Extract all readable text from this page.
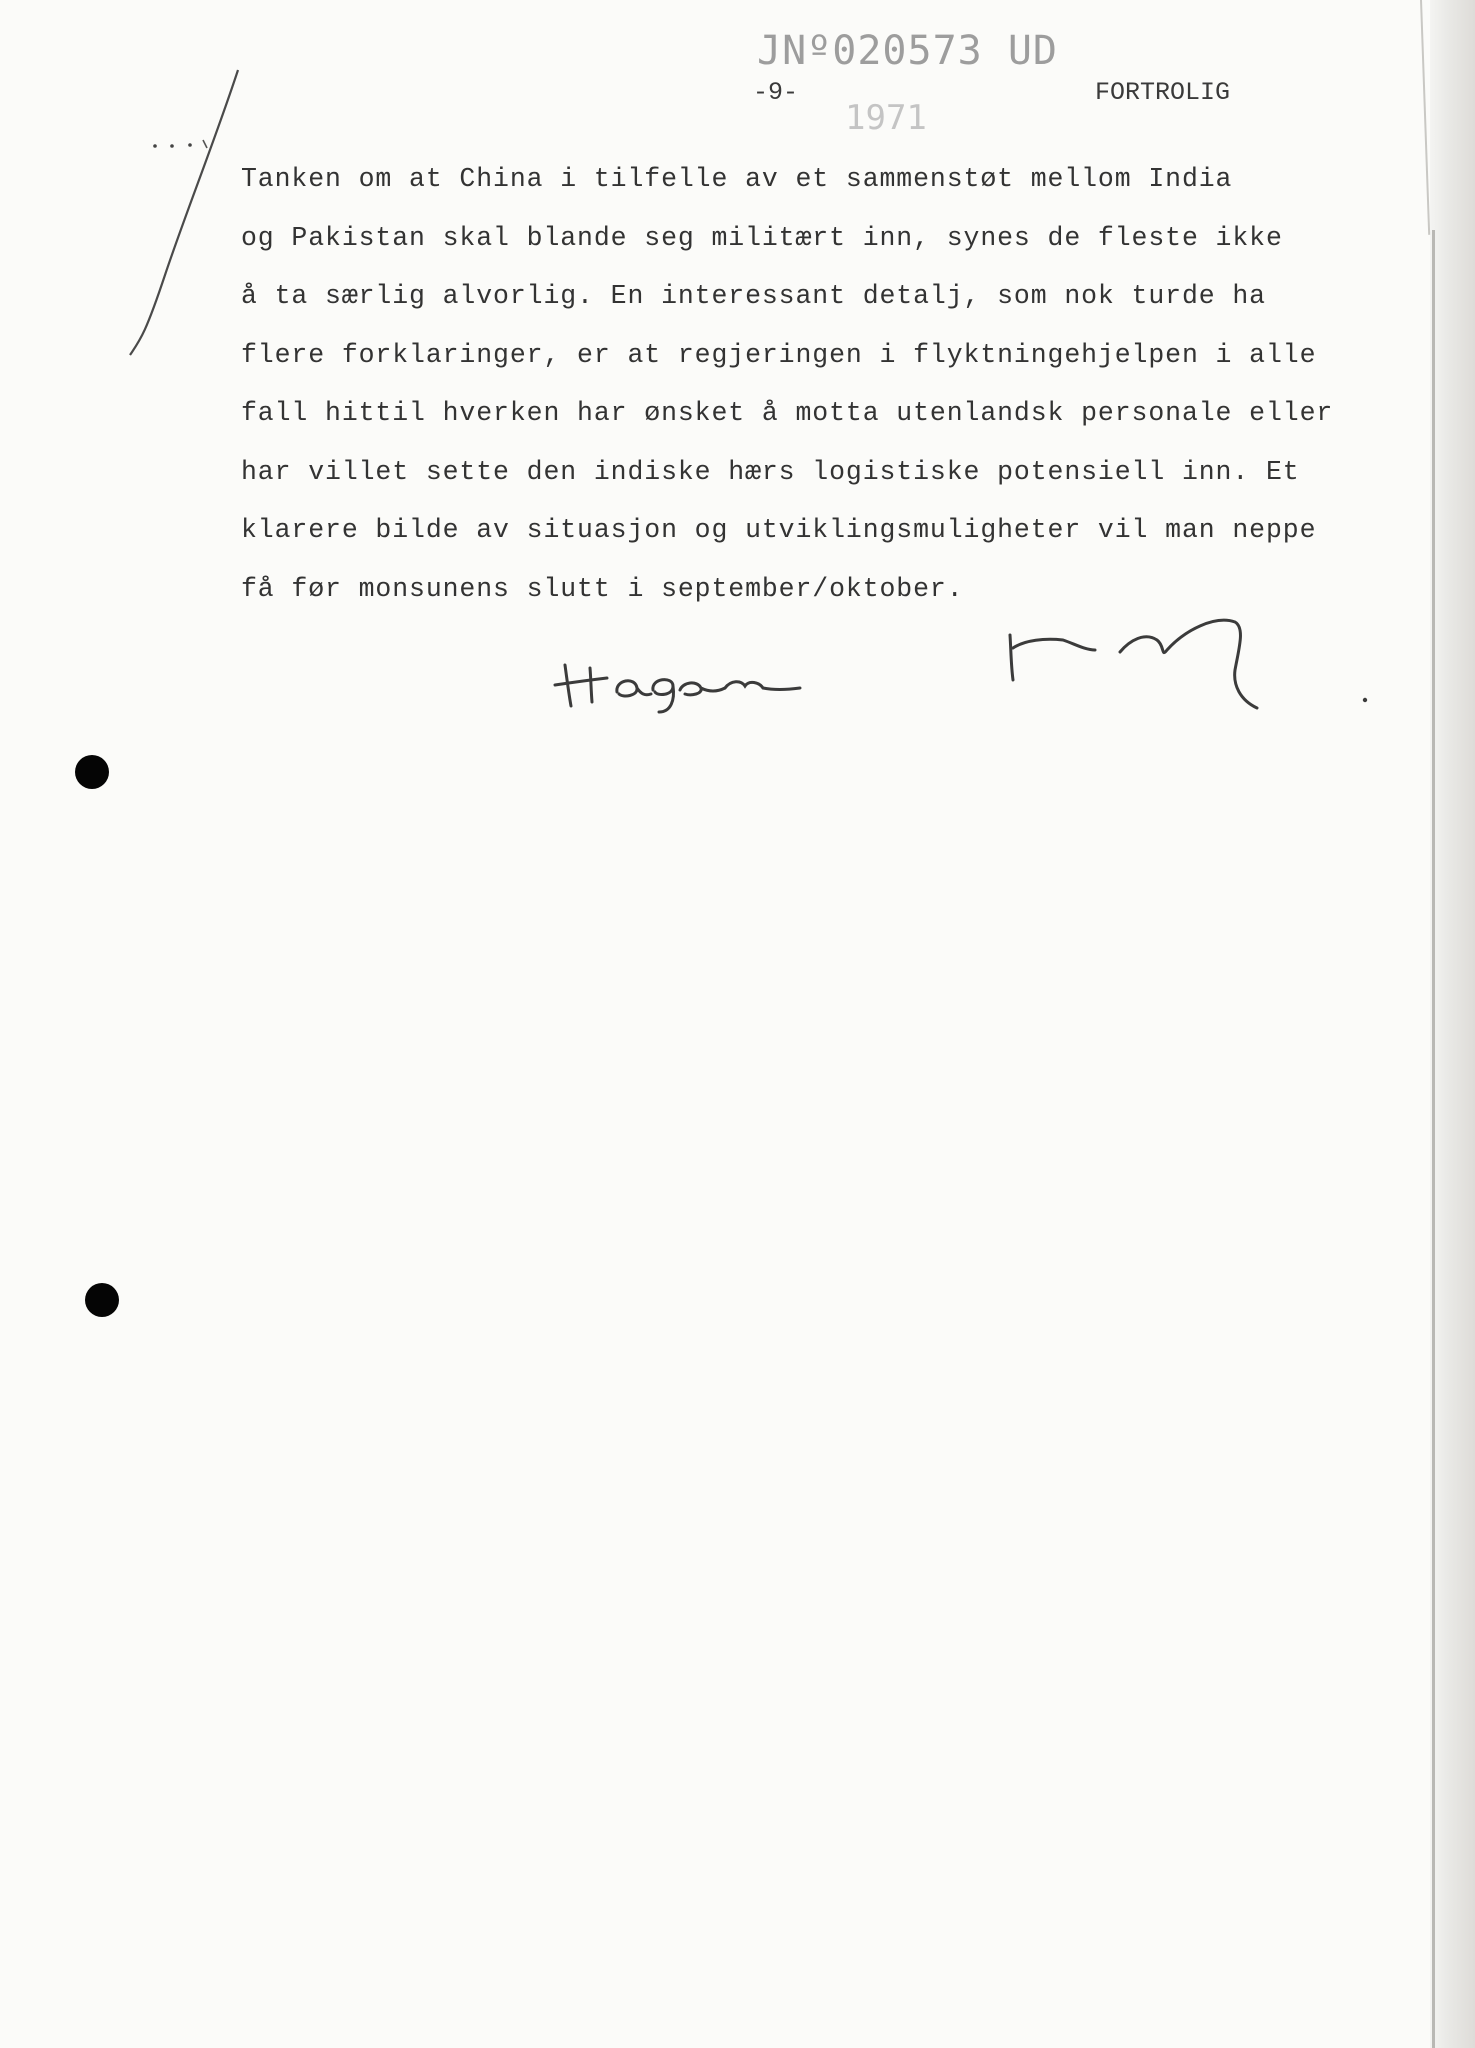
JNº020573 UD
1971
-9-	FORTROLIG
Tanken om at China i tilfelle av et sammenstøt mellom India
og Pakistan skal blande seg militært inn, synes de fleste ikke
å ta særlig alvorlig. En interessant detalj, som nok turde ha
flere forklaringer, er at regjeringen i flyktningehjelpen i alle
fall hittil hverken har ønsket å motta utenlandsk personale eller
har villet sette den indiske hærs logistiske potensiell inn. Et
klarere bilde av situasjon og utviklingsmuligheter vil man neppe
få før monsunens slutt i september/oktober.
